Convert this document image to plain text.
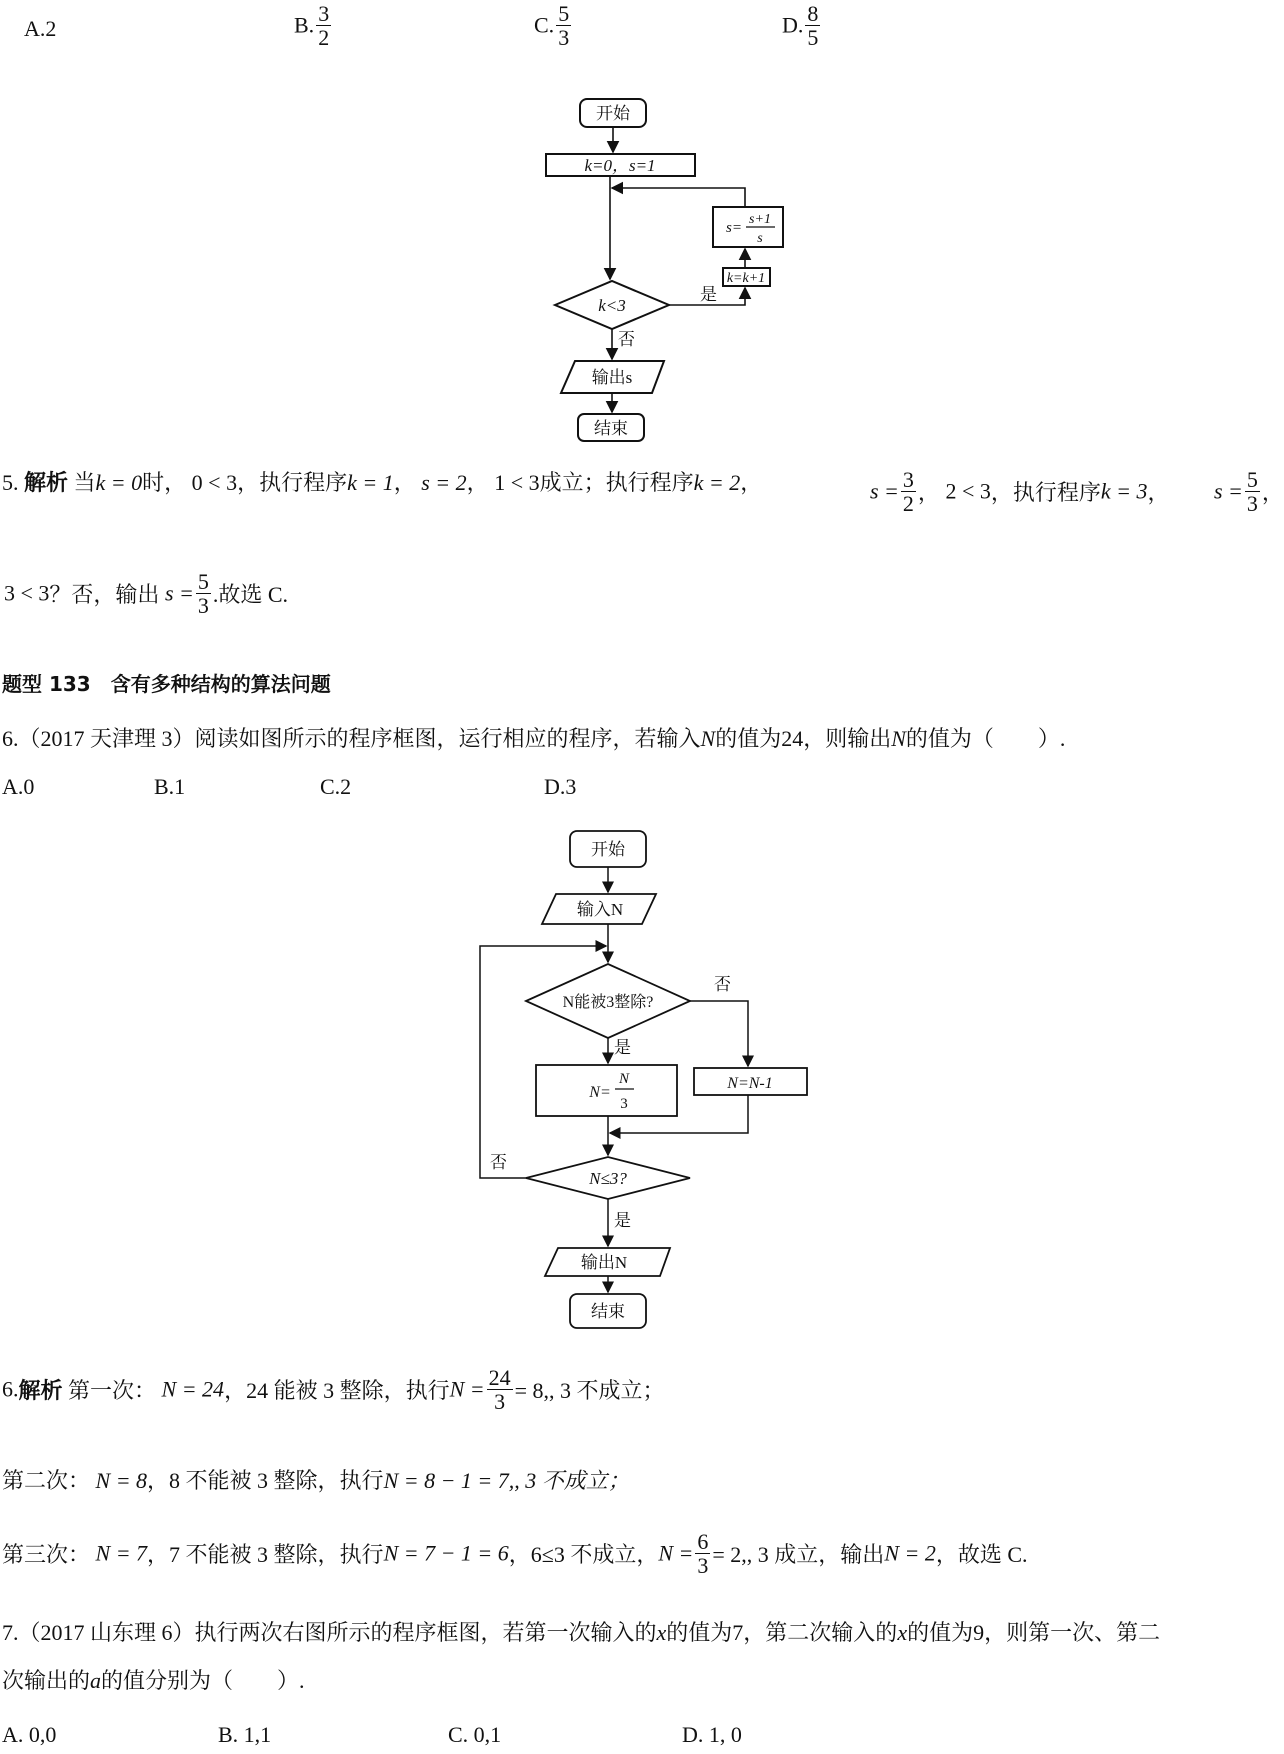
A.2	B. $\frac{3}{2}$	C. $\frac{5}{3}$	D. $\frac{8}{5}$
开始
k=0，s=1
s=
s+1
s
k=k+1
k<3
是
否
输出s
结束
5. 解析 当k = 0时， 0 < 3，执行程序k = 1， s = 2， 1 < 3成立；执行程序k = 2，	$s = \frac{3}{2}$ ， 2 < 3，执行程序k = 3， $s = \frac{5}{3}$ ，
3 < 3？否，输出 $s = \frac{5}{3}$ .故选 C.
题型 133　含有多种结构的算法问题
6.（2017 天津理 3）阅读如图所示的程序框图，运行相应的程序，若输入N的值为24，则输出N的值为（　　）.
A.0	B.1	C.2	D.3
开始
输入N
N能被3整除?
否
是
N=
N
3
N=N-1
否
N≤3?
是
输出N
结束
6.解析 第一次： N = 24，24 能被 3 整除，执行$N = \frac{24}{3} = 8$,, 3 不成立；
第二次： N = 8，8 不能被 3 整除，执行N = 8 − 1 = 7,, 3 不成立；
第三次： N = 7，7 不能被 3 整除，执行N = 7 − 1 = 6，6≤3 不成立，$N = \frac{6}{3} = 2$,, 3 成立，输出N = 2，故选 C.
7.（2017 山东理 6）执行两次右图所示的程序框图，若第一次输入的x的值为7，第二次输入的x的值为9，则第一次、第二
次输出的a的值分别为（　　）.
A. 0,0	B. 1,1	C. 0,1	D. 1, 0
